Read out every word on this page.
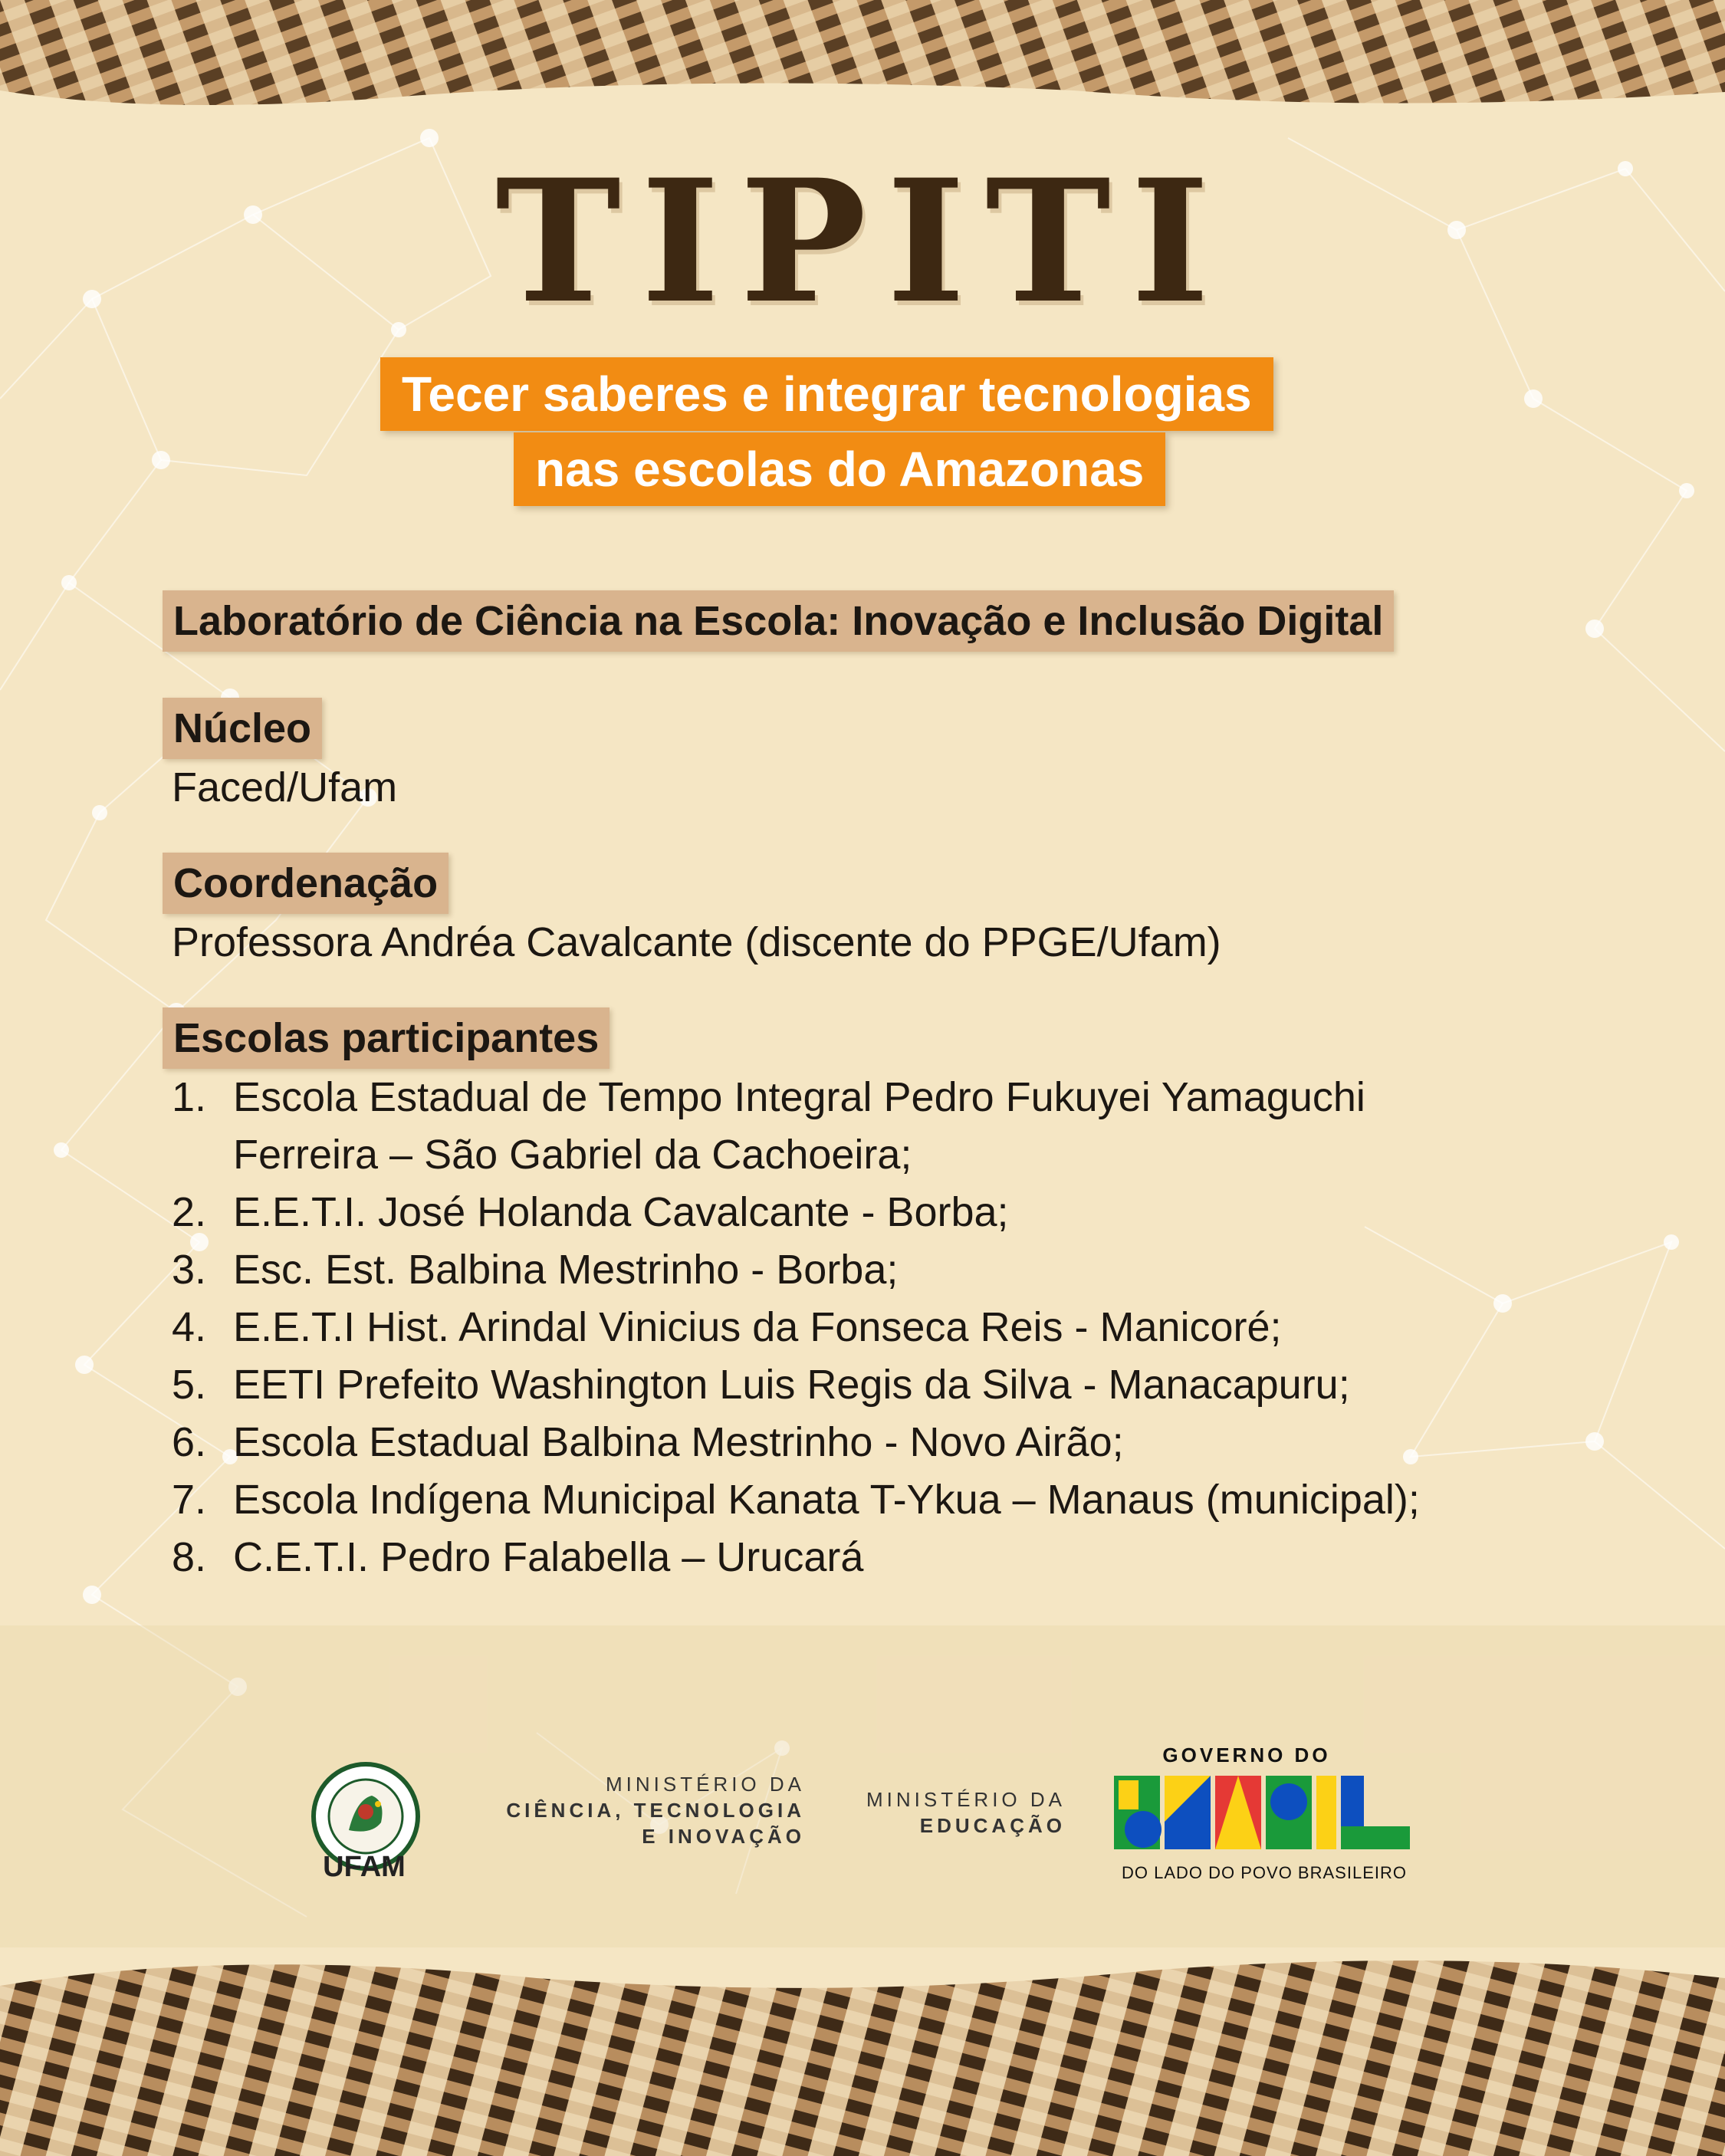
TIPITI
Tecer saberes e integrar tecnologias
nas escolas do Amazonas
Laboratório de Ciência na Escola: Inovação e Inclusão Digital
Núcleo
Faced/Ufam
Coordenação
Professora Andréa Cavalcante (discente do PPGE/Ufam)
Escolas participantes
1. Escola Estadual de Tempo Integral Pedro Fukuyei Yamaguchi
Ferreira – São Gabriel da Cachoeira;
2. E.E.T.I. José Holanda Cavalcante - Borba;
3. Esc. Est. Balbina Mestrinho - Borba;
4. E.E.T.I Hist. Arindal Vinicius da Fonseca Reis - Manicoré;
5. EETI Prefeito Washington Luis Regis da Silva - Manacapuru;
6. Escola Estadual Balbina Mestrinho - Novo Airão;
7. Escola Indígena Municipal Kanata T-Ykua – Manaus (municipal);
8. C.E.T.I. Pedro Falabella – Urucará
UFAM
MINISTÉRIO DA
CIÊNCIA, TECNOLOGIA
E INOVAÇÃO
MINISTÉRIO DA
EDUCAÇÃO
GOVERNO DO
BRASIL
DO LADO DO POVO BRASILEIRO
